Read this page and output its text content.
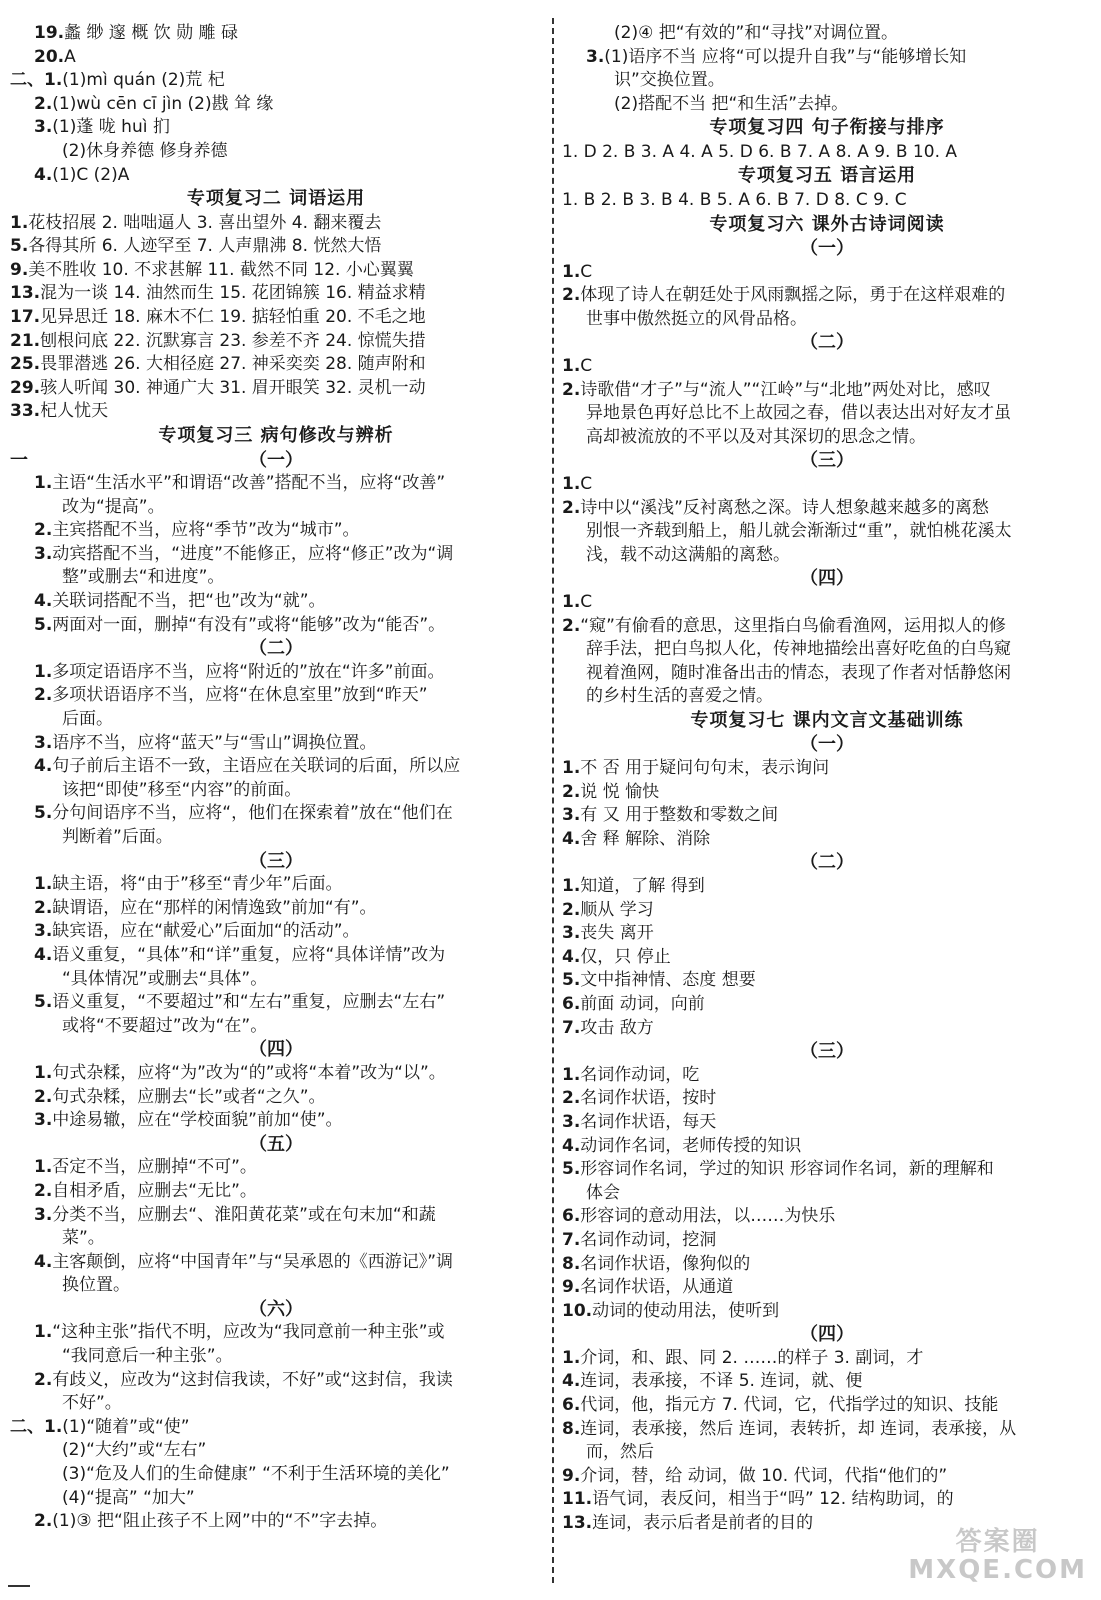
19.蠡 缈 邃 概 饮 勋 雕 碌
20.A
二、1.(1)mì quán (2)荒 杞
2.(1)wù cēn cī jìn (2)戡 耸 缘
3.(1)蓬 咙 huì 扪
(2)休身养德 修身养德
4.(1)C (2)A
专项复习二 词语运用
1.花枝招展 2. 咄咄逼人 3. 喜出望外 4. 翻来覆去
5.各得其所 6. 人迹罕至 7. 人声鼎沸 8. 恍然大悟
9.美不胜收 10. 不求甚解 11. 截然不同 12. 小心翼翼
13.混为一谈 14. 油然而生 15. 花团锦簇 16. 精益求精
17.见异思迁 18. 麻木不仁 19. 掂轻怕重 20. 不毛之地
21.刨根问底 22. 沉默寡言 23. 参差不齐 24. 惊慌失措
25.畏罪潜逃 26. 大相径庭 27. 神采奕奕 28. 随声附和
29.骇人听闻 30. 神通广大 31. 眉开眼笑 32. 灵机一动
33.杞人忧天
专项复习三 病句修改与辨析
一	（一）
1.主语“生活水平”和谓语“改善”搭配不当，应将“改善”
改为“提高”。
2.主宾搭配不当，应将“季节”改为“城市”。
3.动宾搭配不当，“进度”不能修正，应将“修正”改为“调
整”或删去“和进度”。
4.关联词搭配不当，把“也”改为“就”。
5.两面对一面，删掉“有没有”或将“能够”改为“能否”。
（二）
1.多项定语语序不当，应将“附近的”放在“许多”前面。
2.多项状语语序不当，应将“在休息室里”放到“昨天”
后面。
3.语序不当，应将“蓝天”与“雪山”调换位置。
4.句子前后主语不一致，主语应在关联词的后面，所以应
该把“即使”移至“内容”的前面。
5.分句间语序不当，应将“，他们在探索着”放在“他们在
判断着”后面。
（三）
1.缺主语，将“由于”移至“青少年”后面。
2.缺谓语，应在“那样的闲情逸致”前加“有”。
3.缺宾语，应在“献爱心”后面加“的活动”。
4.语义重复，“具体”和“详”重复，应将“具体详情”改为
“具体情况”或删去“具体”。
5.语义重复，“不要超过”和“左右”重复，应删去“左右”
或将“不要超过”改为“在”。
（四）
1.句式杂糅，应将“为”改为“的”或将“本着”改为“以”。
2.句式杂糅，应删去“长”或者“之久”。
3.中途易辙，应在“学校面貌”前加“使”。
（五）
1.否定不当，应删掉“不可”。
2.自相矛盾，应删去“无比”。
3.分类不当，应删去“、淮阳黄花菜”或在句末加“和蔬
菜”。
4.主客颠倒，应将“中国青年”与“吴承恩的《西游记》”调
换位置。
（六）
1.“这种主张”指代不明，应改为“我同意前一种主张”或
“我同意后一种主张”。
2.有歧义，应改为“这封信我读，不好”或“这封信，我读
不好”。
二、1.(1)“随着”或“使”
(2)“大约”或“左右”
(3)“危及人们的生命健康” “不利于生活环境的美化”
(4)“提高” “加大”
2.(1)③ 把“阻止孩子不上网”中的“不”字去掉。
(2)④ 把“有效的”和“寻找”对调位置。
3.(1)语序不当 应将“可以提升自我”与“能够增长知
识”交换位置。
(2)搭配不当 把“和生活”去掉。
专项复习四 句子衔接与排序
1. D 2. B 3. A 4. A 5. D 6. B 7. A 8. A 9. B 10. A
专项复习五 语言运用
1. B 2. B 3. B 4. B 5. A 6. B 7. D 8. C 9. C
专项复习六 课外古诗词阅读
（一）
1.C
2.体现了诗人在朝廷处于风雨飘摇之际，勇于在这样艰难的
世事中傲然挺立的风骨品格。
（二）
1.C
2.诗歌借“才子”与“流人”“江岭”与“北地”两处对比，感叹
异地景色再好总比不上故园之春，借以表达出对好友才虽
高却被流放的不平以及对其深切的思念之情。
（三）
1.C
2.诗中以“溪浅”反衬离愁之深。诗人想象越来越多的离愁
别恨一齐载到船上，船儿就会渐渐过“重”，就怕桃花溪太
浅，载不动这满船的离愁。
（四）
1.C
2.“窥”有偷看的意思，这里指白鸟偷看渔网，运用拟人的修
辞手法，把白鸟拟人化，传神地描绘出喜好吃鱼的白鸟窥
视着渔网，随时准备出击的情态，表现了作者对恬静悠闲
的乡村生活的喜爱之情。
专项复习七 课内文言文基础训练
（一）
1.不 否 用于疑问句句末，表示询问
2.说 悦 愉快
3.有 又 用于整数和零数之间
4.舍 释 解除、消除
（二）
1.知道，了解 得到
2.顺从 学习
3.丧失 离开
4.仅，只 停止
5.文中指神情、态度 想要
6.前面 动词，向前
7.攻击 敌方
（三）
1.名词作动词，吃
2.名词作状语，按时
3.名词作状语，每天
4.动词作名词，老师传授的知识
5.形容词作名词，学过的知识 形容词作名词，新的理解和
体会
6.形容词的意动用法，以……为快乐
7.名词作动词，挖洞
8.名词作状语，像狗似的
9.名词作状语，从通道
10.动词的使动用法，使听到
（四）
1.介词，和、跟、同 2. ……的样子 3. 副词，才
4.连词，表承接，不译 5. 连词，就、便
6.代词，他，指元方 7. 代词，它，代指学过的知识、技能
8.连词，表承接，然后 连词，表转折，却 连词，表承接，从
而，然后
9.介词，替，给 动词，做 10. 代词，代指“他们的”
11.语气词，表反问，相当于“吗” 12. 结构助词，的
13.连词，表示后者是前者的目的
答案圈
MXQE.COM
